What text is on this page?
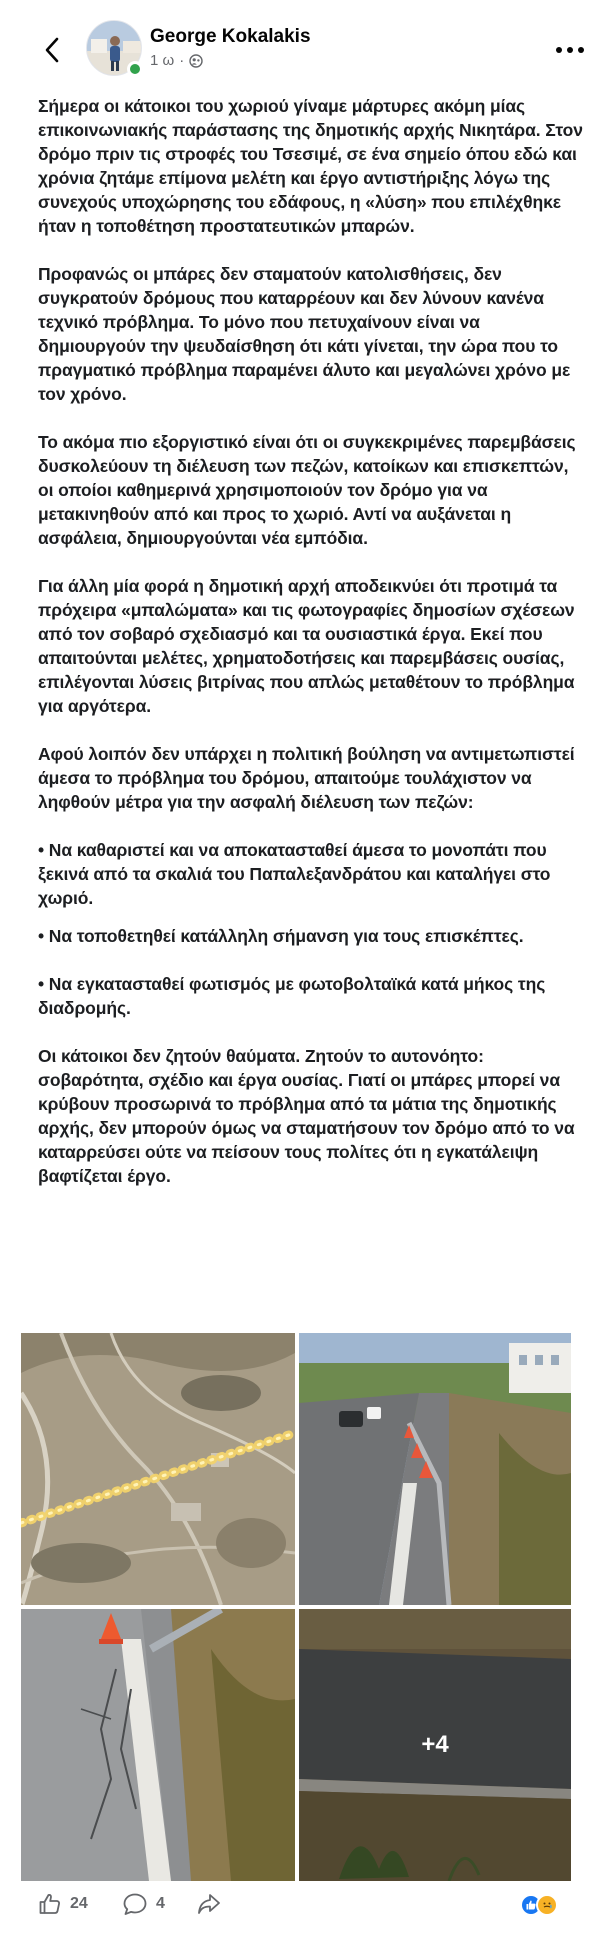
George Kokalakis
1 ω ·

Σήμερα οι κάτοικοι του χωριού γίναμε μάρτυρες ακόμη μίας επικοινωνιακής παράστασης της δημοτικής αρχής Νικητάρα. Στον δρόμο πριν τις στροφές του Τσεσιμέ, σε ένα σημείο όπου εδώ και χρόνια ζητάμε επίμονα μελέτη και έργο αντιστήριξης λόγω της συνεχούς υποχώρησης του εδάφους, η «λύση» που επιλέχθηκε ήταν η τοποθέτηση προστατευτικών μπαρών.

Προφανώς οι μπάρες δεν σταματούν κατολισθήσεις, δεν συγκρατούν δρόμους που καταρρέουν και δεν λύνουν κανένα τεχνικό πρόβλημα. Το μόνο που πετυχαίνουν είναι να δημιουργούν την ψευδαίσθηση ότι κάτι γίνεται, την ώρα που το πραγματικό πρόβλημα παραμένει άλυτο και μεγαλώνει χρόνο με τον χρόνο.

Το ακόμα πιο εξοργιστικό είναι ότι οι συγκεκριμένες παρεμβάσεις δυσκολεύουν τη διέλευση των πεζών, κατοίκων και επισκεπτών, οι οποίοι καθημερινά χρησιμοποιούν τον δρόμο για να μετακινηθούν από και προς το χωριό. Αντί να αυξάνεται η ασφάλεια, δημιουργούνται νέα εμπόδια.

Για άλλη μία φορά η δημοτική αρχή αποδεικνύει ότι προτιμά τα πρόχειρα «μπαλώματα» και τις φωτογραφίες δημοσίων σχέσεων από τον σοβαρό σχεδιασμό και τα ουσιαστικά έργα. Εκεί που απαιτούνται μελέτες, χρηματοδοτήσεις και παρεμβάσεις ουσίας, επιλέγονται λύσεις βιτρίνας που απλώς μεταθέτουν το πρόβλημα για αργότερα.

Αφού λοιπόν δεν υπάρχει η πολιτική βούληση να αντιμετωπιστεί άμεσα το πρόβλημα του δρόμου, απαιτούμε τουλάχιστον να ληφθούν μέτρα για την ασφαλή διέλευση των πεζών:

• Να καθαριστεί και να αποκατασταθεί άμεσα το μονοπάτι που ξεκινά από τα σκαλιά του Παπαλεξανδράτου και καταλήγει στο χωριό.

• Να τοποθετηθεί κατάλληλη σήμανση για τους επισκέπτες.

• Να εγκατασταθεί φωτισμός με φωτοβολταϊκά κατά μήκος της διαδρομής.

Οι κάτοικοι δεν ζητούν θαύματα. Ζητούν το αυτονόητο: σοβαρότητα, σχέδιο και έργα ουσίας. Γιατί οι μπάρες μπορεί να κρύβουν προσωρινά το πρόβλημα από τα μάτια της δημοτικής αρχής, δεν μπορούν όμως να σταματήσουν τον δρόμο από το να καταρρεύσει ούτε να πείσουν τους πολίτες ότι η εγκατάλειψη βαφτίζεται έργο.

+4
24	4
